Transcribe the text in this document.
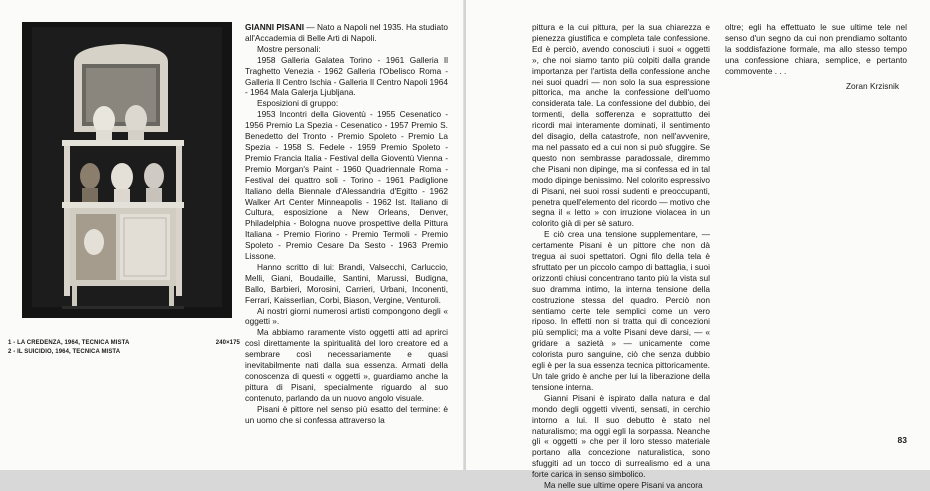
1 - LA CREDENZA, 1964, TECNICA MISTA	240×175
2 - IL SUICIDIO, 1964, TECNICA MISTA

GIANNI PISANI — Nato a Napoli nel 1935. Ha studiato all'Accademia di Belle Arti di Napoli.

Mostre personali:

1958 Galleria Galatea Torino - 1961 Galleria Il Traghetto Venezia - 1962 Galleria l'Obelisco Roma - Galleria Il Centro Ischia - Galleria Il Centro Napoli 1964 - 1964 Mala Galerja Ljubljana.

Esposizioni di gruppo:

1953 Incontri della Gioventù - 1955 Cesenatico - 1956 Premio La Spezia - Cesenatico - 1957 Premio S. Benedetto del Tronto - Premio Spoleto - Premio La Spezia - 1958 S. Fedele - 1959 Premio Spoleto - Premio Francia Italia - Festival della Gioventù Vienna - Premio Morgan's Paint - 1960 Quadriennale Roma - Festival dei quattro soli - Torino - 1961 Padiglione Italiano della Biennale d'Alessandria d'Egitto - 1962 Walker Art Center Minneapolis - 1962 Ist. Italiano di Cultura, esposizione a New Orleans, Denver, Philadelphia - Bologna nuove prospettive della Pittura Italiana - Premio Fiorino - Premio Termoli - Premio Spoleto - Premio Cesare Da Sesto - 1963 Premio Lissone.

Hanno scritto di lui: Brandi, Valsecchi, Carluccio, Melli, Giani, Boudaille, Santini, Marussi, Budigna, Ballo, Barbieri, Morosini, Carrieri, Urbani, Inconenti, Ferrari, Kaisserlian, Corbi, Biason, Vergine, Venturoli.

Ai nostri giorni numerosi artisti compongono degli « oggetti ».

Ma abbiamo raramente visto oggetti atti ad aprirci così direttamente la spiritualità del loro creatore ed a sembrare così necessariamente e quasi inevitabilmente nati dalla sua essenza. Armati della conoscenza di questi « oggetti », guardiamo anche la pittura di Pisani, specialmente riguardo al suo contenuto, parlando da un nuovo angolo visuale.

Pisani è pittore nel senso più esatto del termine: è un uomo che si confessa attraverso la

pittura e la cui pittura, per la sua chiarezza e pienezza giustifica e completa tale confessione. Ed è perciò, avendo conosciuti i suoi « oggetti », che noi siamo tanto più colpiti dalla grande importanza per l'artista della confessione anche nei suoi quadri — non solo la sua espressione pittorica, ma anche la confessione dell'uomo considerata tale. La confessione del dubbio, dei tormenti, della sofferenza e soprattutto dei ricordi mai interamente dominati, il sentimento del disagio, della catastrofe, non nell'avvenire, ma nel passato ed a cui non si può sfuggire. Se questo non sembrasse paradossale, diremmo che Pisani non dipinge, ma si confessa ed in tal modo dipinge benissimo. Nel colorito espressivo di Pisani, nei suoi rossi sudenti e preoccupanti, penetra quell'elemento del ricordo — motivo che segna il « letto » con irruzione violacea in un colorito già di per sè saturo.

E ciò crea una tensione supplementare, — certamente Pisani è un pittore che non dà tregua ai suoi spettatori. Ogni filo della tela è sfruttato per un piccolo campo di battaglia, i suoi orizzonti chiusi concentrano tanto più la vista sul suo dramma intimo, la interna tensione della costruzione stessa del quadro. Perciò non sentiamo certe tele semplici come un vero riposo. In effetti non si tratta qui di concezioni più semplici; ma a volte Pisani deve darsi, — « gridare a sazietà » — unicamente come colorista puro sanguine, ciò che senza dubbio egli è per la sua essenza tecnica pittoricamente. Un tale grido è anche per lui la liberazione della tensione interna.

Gianni Pisani è ispirato dalla natura e dal mondo degli oggetti viventi, sensati, in cerchio intorno a lui. Il suo debutto è stato nel naturalismo; ma oggi egli la sorpassa. Neanche gli « oggetti » che per il loro stesso materiale portano alla concezione naturalistica, sono sfuggiti ad un tocco di surrealismo ed a una forte carica in senso simbolico.

Ma nelle sue ultime opere Pisani va ancora

oltre; egli ha effettuato le sue ultime tele nel senso d'un segno da cui non prendiamo soltanto la soddisfazione formale, ma allo stesso tempo una confessione chiara, semplice, e pertanto commovente . . .

Zoran Krzisnik
83
